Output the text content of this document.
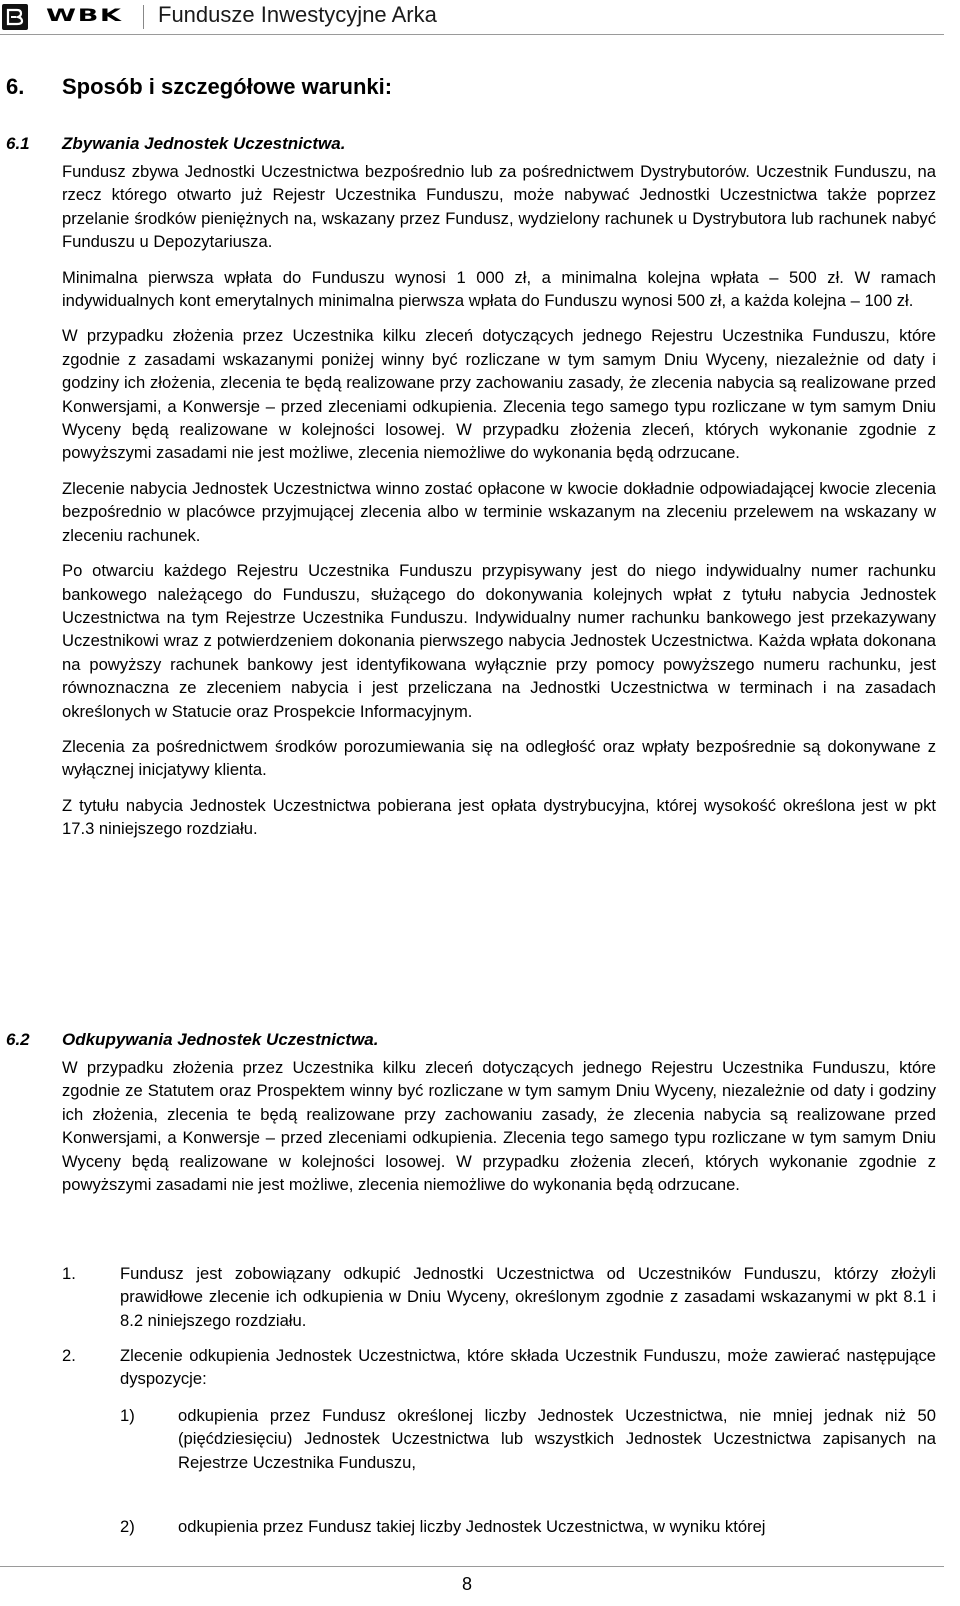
WBK Fundusze Inwestycyjne Arka
6. Sposób i szczegółowe warunki:
6.1 Zbywania Jednostek Uczestnictwa.

Fundusz zbywa Jednostki Uczestnictwa bezpośrednio lub za pośrednictwem Dystrybutorów. Uczestnik Funduszu, na rzecz którego otwarto już Rejestr Uczestnika Funduszu, może nabywać Jednostki Uczestnictwa także poprzez przelanie środków pieniężnych na, wskazany przez Fundusz, wydzielony rachunek u Dystrybutora lub rachunek nabyć Funduszu u Depozytariusza.

Minimalna pierwsza wpłata do Funduszu wynosi 1 000 zł, a minimalna kolejna wpłata – 500 zł. W ramach indywidualnych kont emerytalnych minimalna pierwsza wpłata do Funduszu wynosi 500 zł, a każda kolejna – 100 zł.

W przypadku złożenia przez Uczestnika kilku zleceń dotyczących jednego Rejestru Uczestnika Funduszu, które zgodnie z zasadami wskazanymi poniżej winny być rozliczane w tym samym Dniu Wyceny, niezależnie od daty i godziny ich złożenia, zlecenia te będą realizowane przy zachowaniu zasady, że zlecenia nabycia są realizowane przed Konwersjami, a Konwersje – przed zleceniami odkupienia. Zlecenia tego samego typu rozliczane w tym samym Dniu Wyceny będą realizowane w kolejności losowej. W przypadku złożenia zleceń, których wykonanie zgodnie z powyższymi zasadami nie jest możliwe, zlecenia niemożliwe do wykonania będą odrzucane.

Zlecenie nabycia Jednostek Uczestnictwa winno zostać opłacone w kwocie dokładnie odpowiadającej kwocie zlecenia bezpośrednio w placówce przyjmującej zlecenia albo w terminie wskazanym na zleceniu przelewem na wskazany w zleceniu rachunek.

Po otwarciu każdego Rejestru Uczestnika Funduszu przypisywany jest do niego indywidualny numer rachunku bankowego należącego do Funduszu, służącego do dokonywania kolejnych wpłat z tytułu nabycia Jednostek Uczestnictwa na tym Rejestrze Uczestnika Funduszu. Indywidualny numer rachunku bankowego jest przekazywany Uczestnikowi wraz z potwierdzeniem dokonania pierwszego nabycia Jednostek Uczestnictwa. Każda wpłata dokonana na powyższy rachunek bankowy jest identyfikowana wyłącznie przy pomocy powyższego numeru rachunku, jest równoznaczna ze zleceniem nabycia i jest przeliczana na Jednostki Uczestnictwa w terminach i na zasadach określonych w Statucie oraz Prospekcie Informacyjnym.

Zlecenia za pośrednictwem środków porozumiewania się na odległość oraz wpłaty bezpośrednie są dokonywane z wyłącznej inicjatywy klienta.

Z tytułu nabycia Jednostek Uczestnictwa pobierana jest opłata dystrybucyjna, której wysokość określona jest w pkt 17.3 niniejszego rozdziału.

6.2 Odkupywania Jednostek Uczestnictwa.

W przypadku złożenia przez Uczestnika kilku zleceń dotyczących jednego Rejestru Uczestnika Funduszu, które zgodnie ze Statutem oraz Prospektem winny być rozliczane w tym samym Dniu Wyceny, niezależnie od daty i godziny ich złożenia, zlecenia te będą realizowane przy zachowaniu zasady, że zlecenia nabycia są realizowane przed Konwersjami, a Konwersje – przed zleceniami odkupienia. Zlecenia tego samego typu rozliczane w tym samym Dniu Wyceny będą realizowane w kolejności losowej. W przypadku złożenia zleceń, których wykonanie zgodnie z powyższymi zasadami nie jest możliwe, zlecenia niemożliwe do wykonania będą odrzucane.

1.	Fundusz jest zobowiązany odkupić Jednostki Uczestnictwa od Uczestników Funduszu, którzy złożyli prawidłowe zlecenie ich odkupienia w Dniu Wyceny, określonym zgodnie z zasadami wskazanymi w pkt 8.1 i 8.2 niniejszego rozdziału.
2.	Zlecenie odkupienia Jednostek Uczestnictwa, które składa Uczestnik Funduszu, może zawierać następujące dyspozycje:
1)	odkupienia przez Fundusz określonej liczby Jednostek Uczestnictwa, nie mniej jednak niż 50 (pięćdziesięciu) Jednostek Uczestnictwa lub wszystkich Jednostek Uczestnictwa zapisanych na Rejestrze Uczestnika Funduszu,
2)	odkupienia przez Fundusz takiej liczby Jednostek Uczestnictwa, w wyniku której
8
